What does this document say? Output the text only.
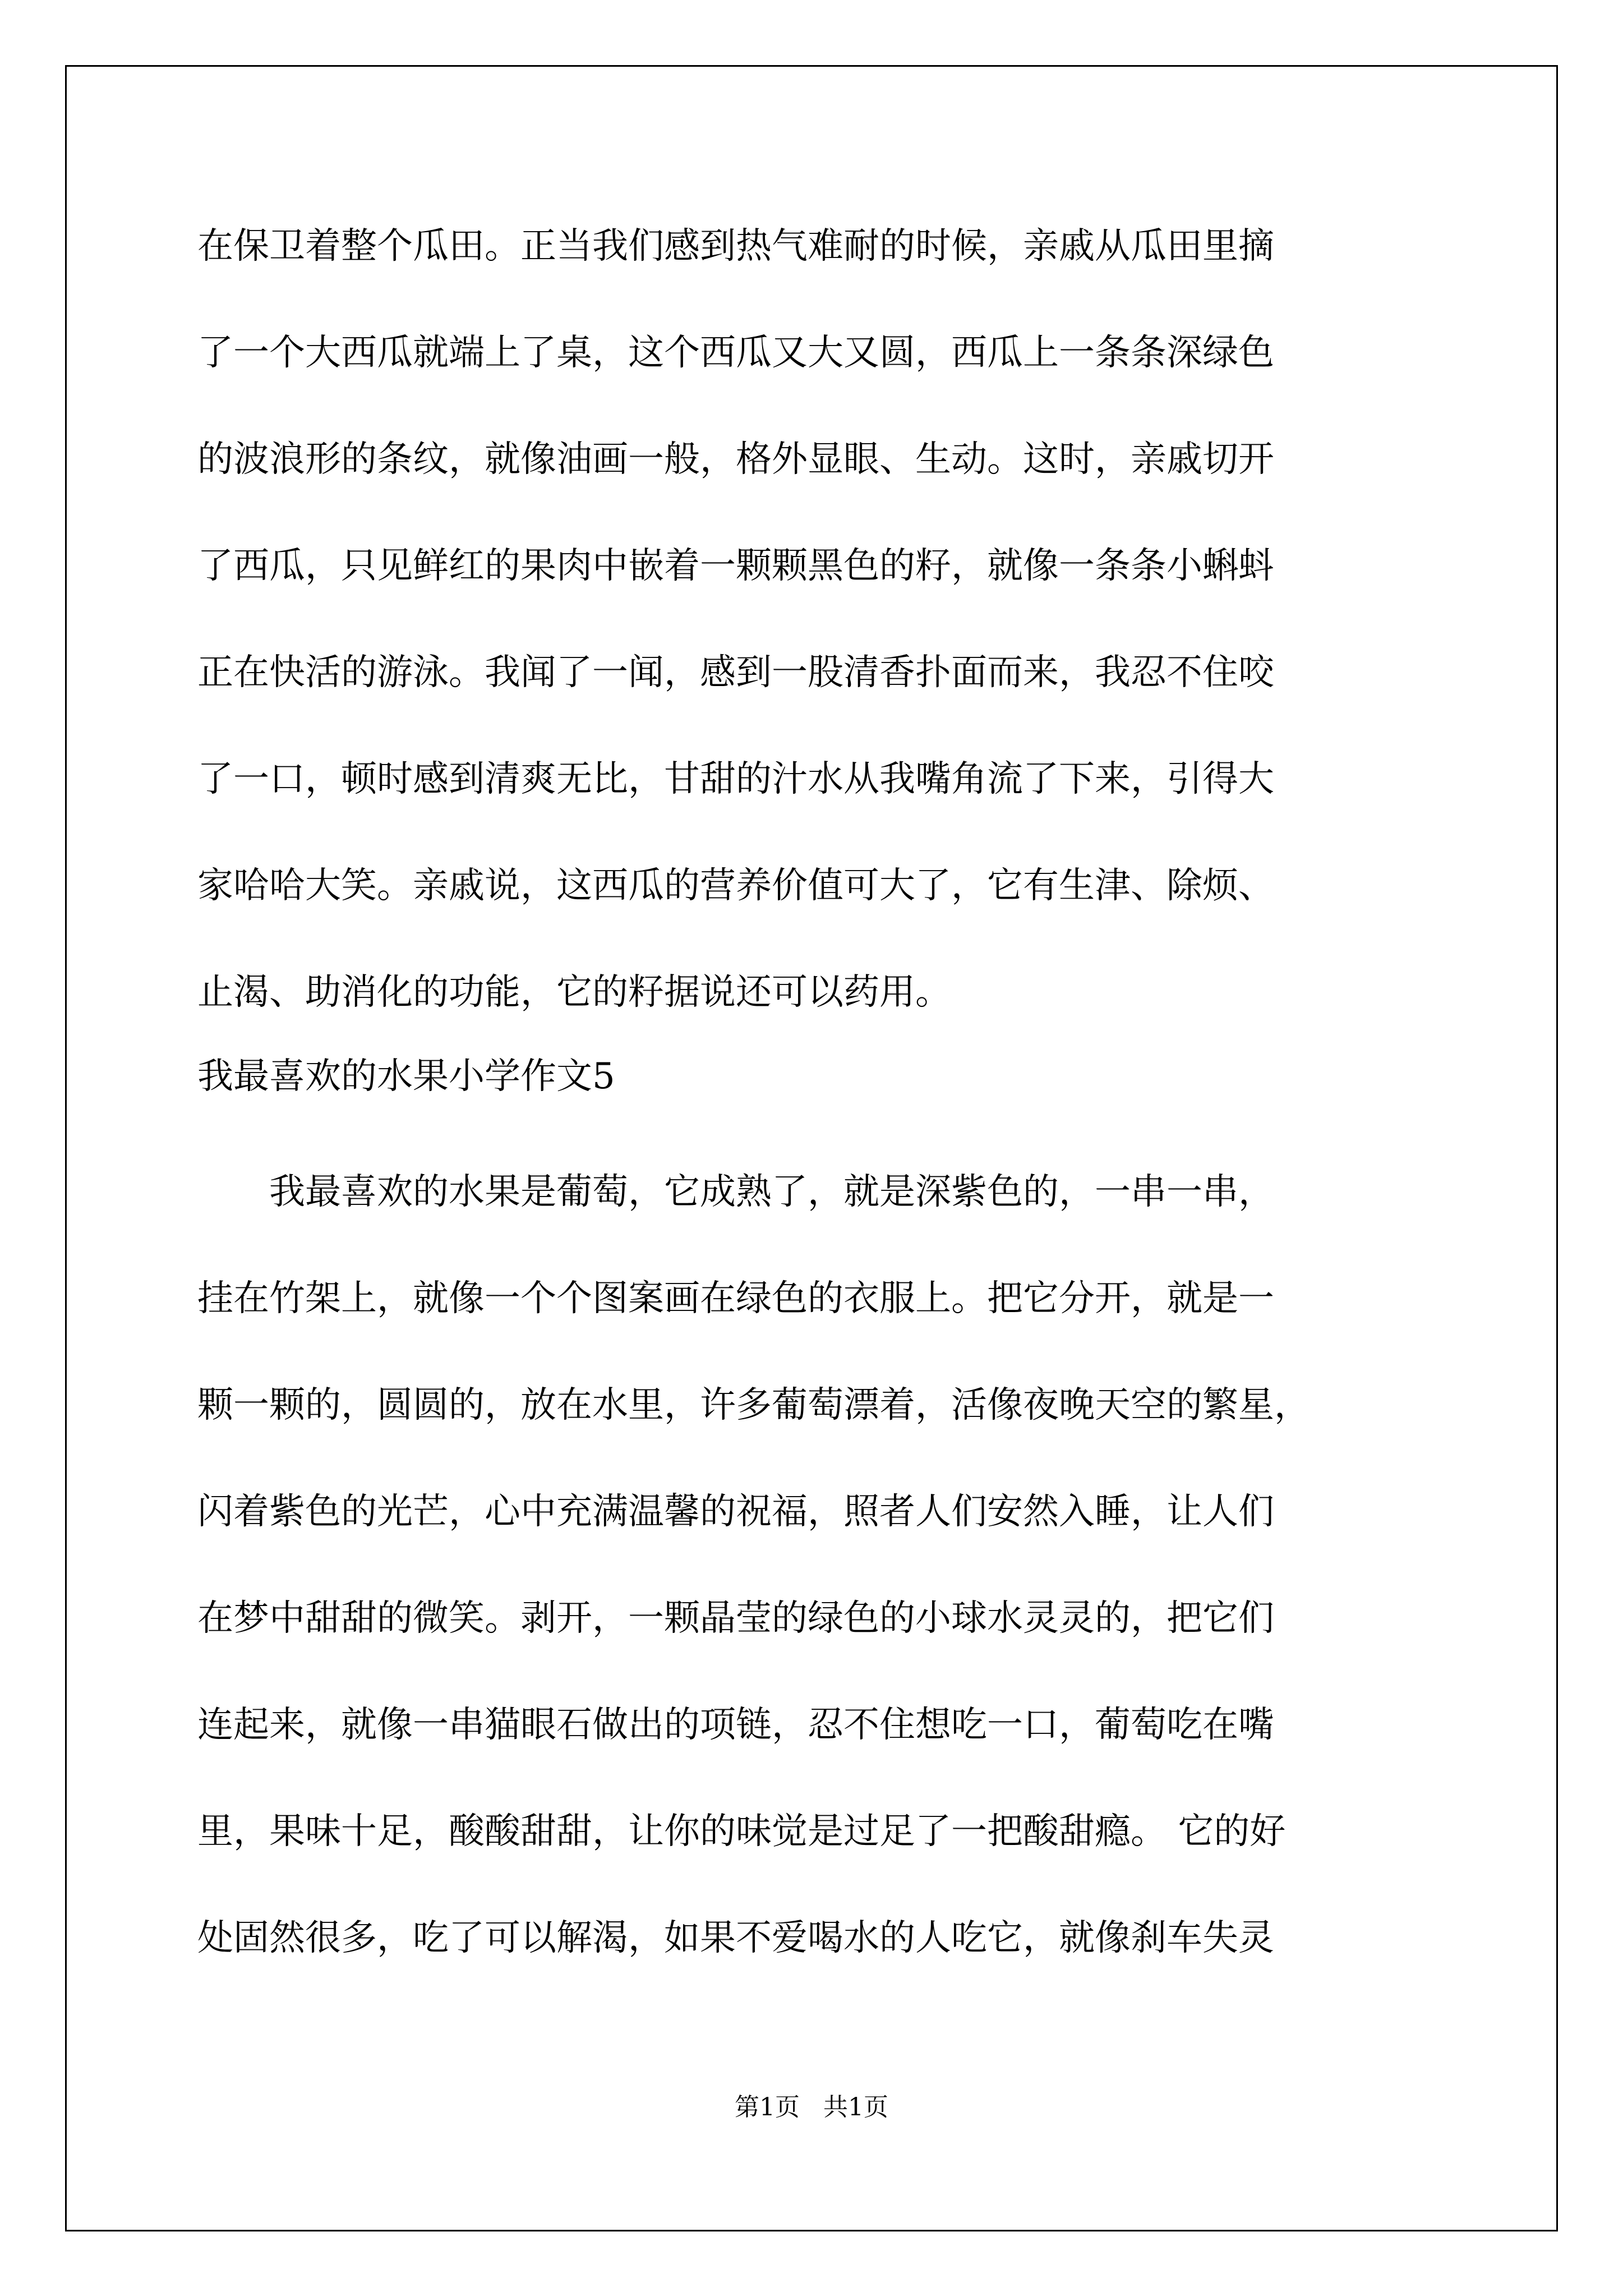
在保卫着整个瓜田。正当我们感到热气难耐的时候，亲戚从瓜田里摘
了一个大西瓜就端上了桌，这个西瓜又大又圆，西瓜上一条条深绿色
的波浪形的条纹，就像油画一般，格外显眼、生动。这时，亲戚切开
了西瓜，只见鲜红的果肉中嵌着一颗颗黑色的籽，就像一条条小蝌蚪
正在快活的游泳。我闻了一闻，感到一股清香扑面而来，我忍不住咬
了一口，顿时感到清爽无比，甘甜的汁水从我嘴角流了下来，引得大
家哈哈大笑。亲戚说，这西瓜的营养价值可大了，它有生津、除烦、
止渴、助消化的功能，它的籽据说还可以药用。
我最喜欢的水果小学作文5
我最喜欢的水果是葡萄，它成熟了，就是深紫色的，一串一串，
挂在竹架上，就像一个个图案画在绿色的衣服上。把它分开，就是一
颗一颗的，圆圆的，放在水里，许多葡萄漂着，活像夜晚天空的繁星，
闪着紫色的光芒，心中充满温馨的祝福，照者人们安然入睡，让人们
在梦中甜甜的微笑。剥开，一颗晶莹的绿色的小球水灵灵的，把它们
连起来，就像一串猫眼石做出的项链，忍不住想吃一口，葡萄吃在嘴
里，果味十足，酸酸甜甜，让你的味觉是过足了一把酸甜瘾。 它的好
处固然很多，吃了可以解渴，如果不爱喝水的人吃它，就像刹车失灵
第1页   共1页
